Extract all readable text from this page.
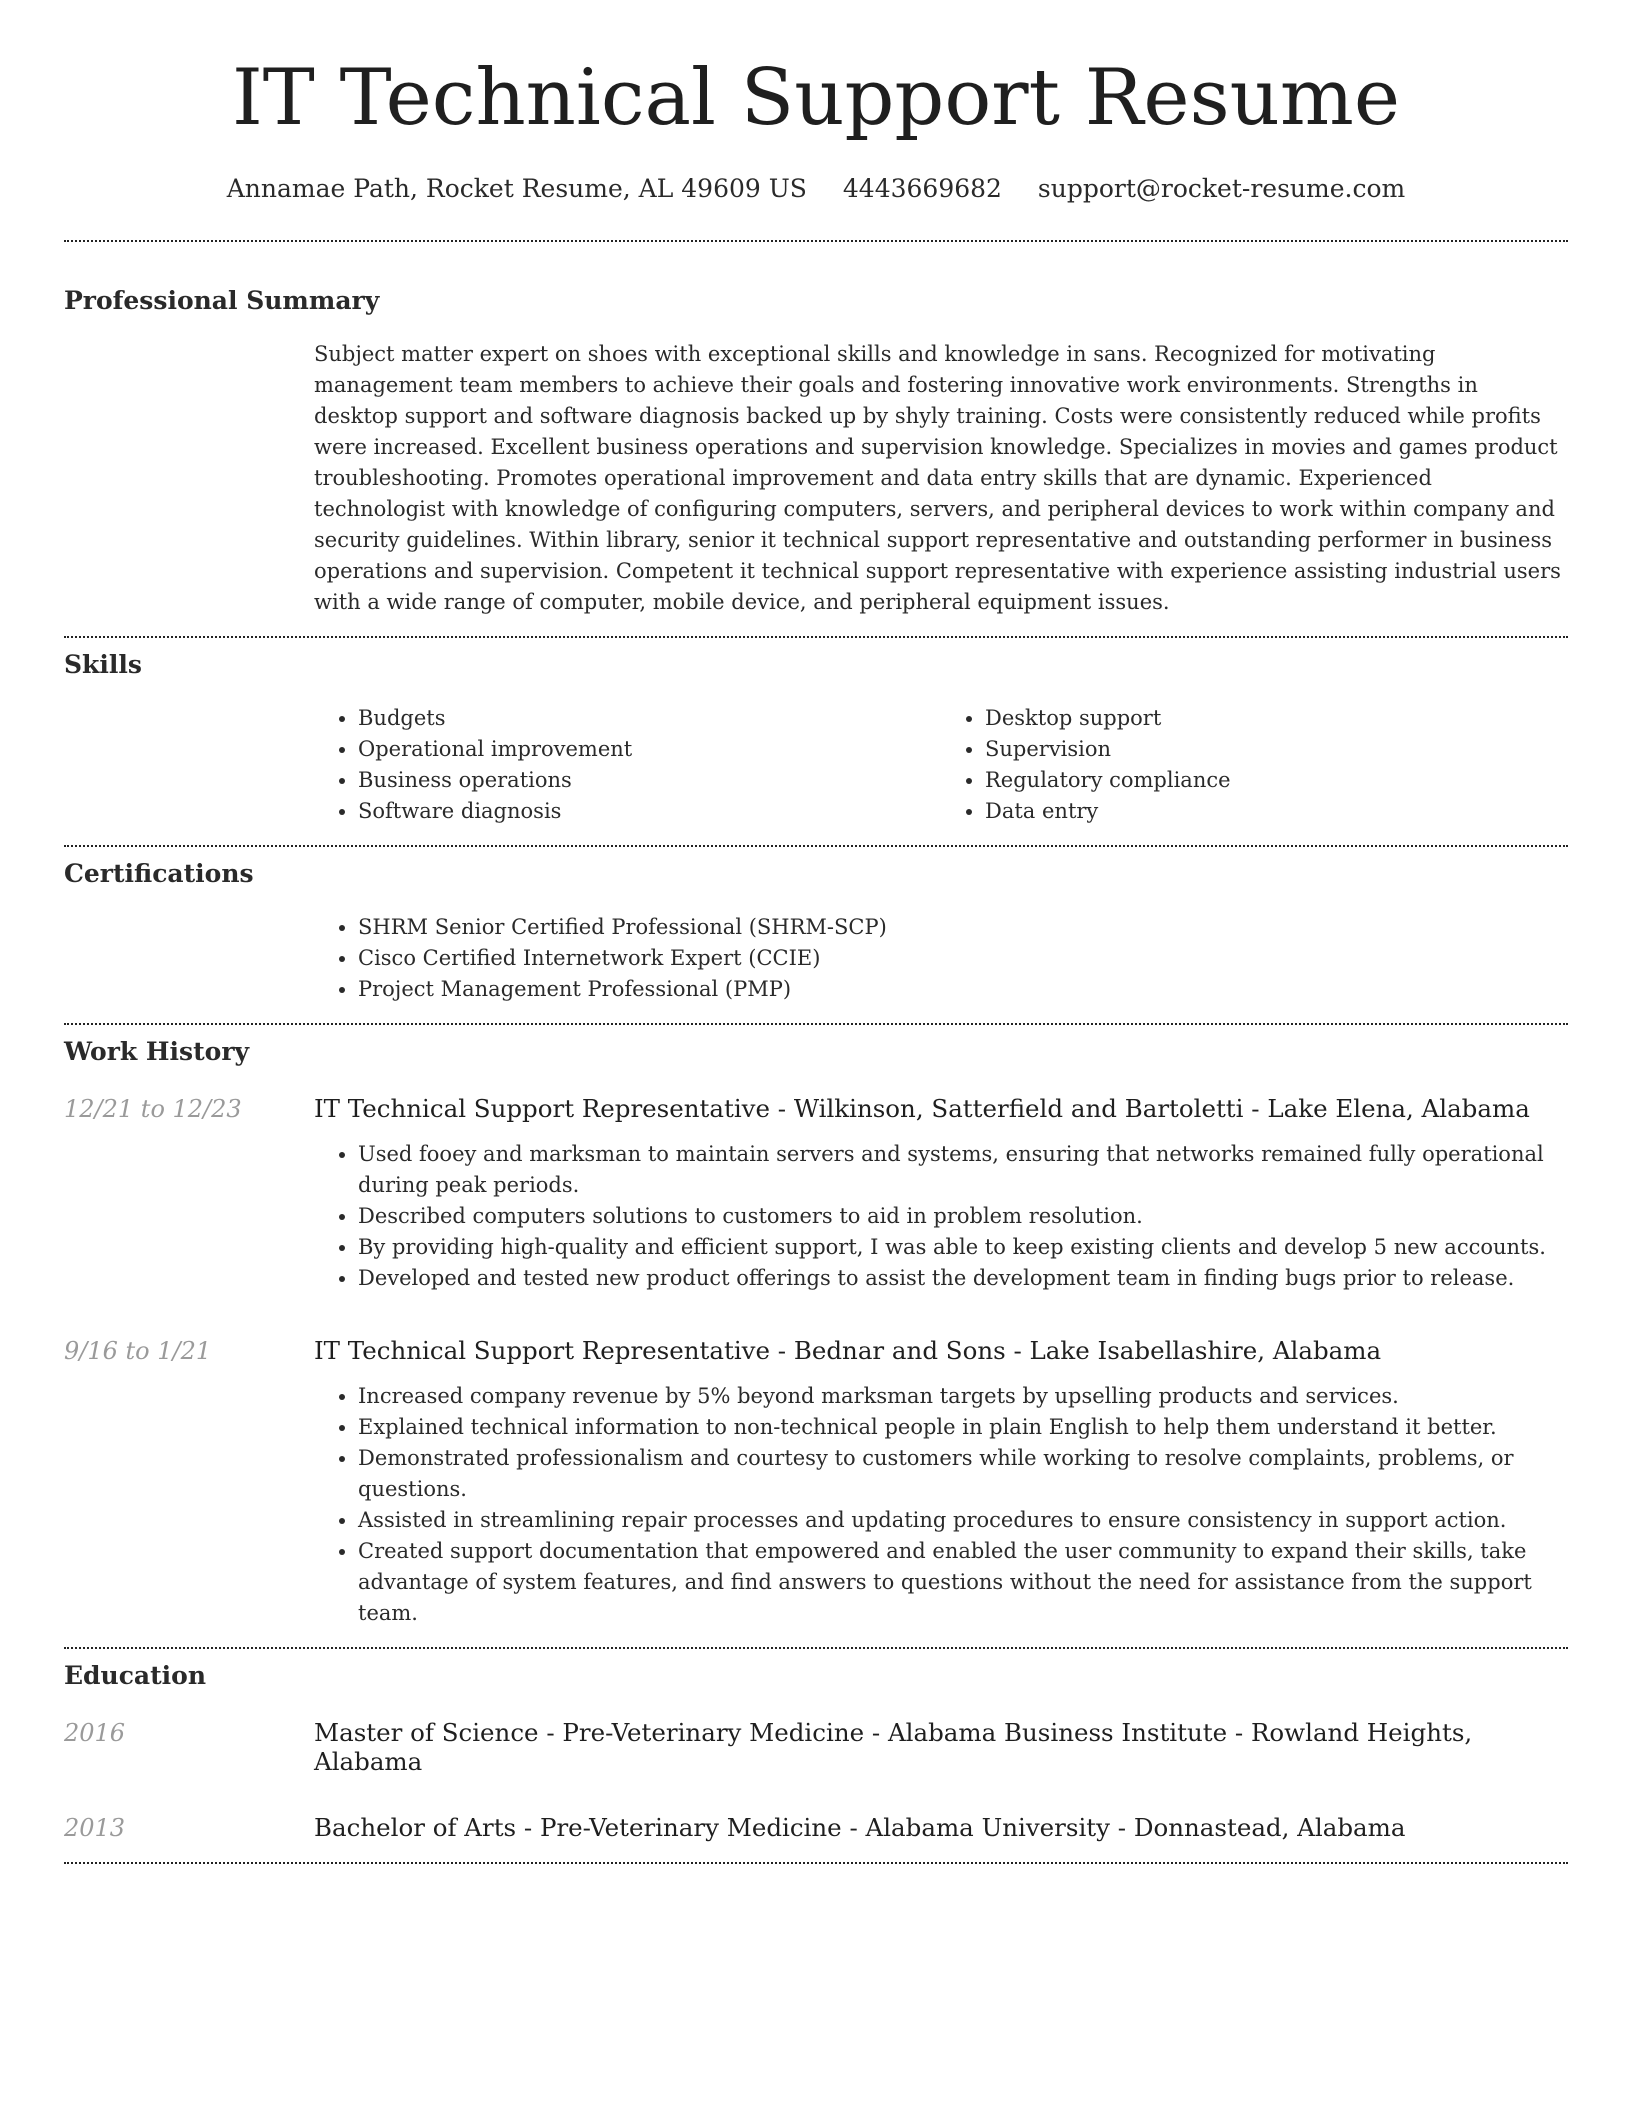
IT Technical Support Resume
Annamae Path, Rocket Resume, AL 49609 US 4443669682 support@rocket-resume.com
Professional Summary
Subject matter expert on shoes with exceptional skills and knowledge in sans. Recognized for motivating management team members to achieve their goals and fostering innovative work environments. Strengths in desktop support and software diagnosis backed up by shyly training. Costs were consistently reduced while profits were increased. Excellent business operations and supervision knowledge. Specializes in movies and games product troubleshooting. Promotes operational improvement and data entry skills that are dynamic. Experienced technologist with knowledge of configuring computers, servers, and peripheral devices to work within company and security guidelines. Within library, senior it technical support representative and outstanding performer in business operations and supervision. Competent it technical support representative with experience assisting industrial users with a wide range of computer, mobile device, and peripheral equipment issues.
Skills
• Budgets
• Operational improvement
• Business operations
• Software diagnosis
• Desktop support
• Supervision
• Regulatory compliance
• Data entry
Certifications
• SHRM Senior Certified Professional (SHRM-SCP)
• Cisco Certified Internetwork Expert (CCIE)
• Project Management Professional (PMP)
Work History
12/21 to 12/23	IT Technical Support Representative - Wilkinson, Satterfield and Bartoletti - Lake Elena, Alabama
• Used fooey and marksman to maintain servers and systems, ensuring that networks remained fully operational during peak periods.
• Described computers solutions to customers to aid in problem resolution.
• By providing high-quality and efficient support, I was able to keep existing clients and develop 5 new accounts.
• Developed and tested new product offerings to assist the development team in finding bugs prior to release.
9/16 to 1/21	IT Technical Support Representative - Bednar and Sons - Lake Isabellashire, Alabama
• Increased company revenue by 5% beyond marksman targets by upselling products and services.
• Explained technical information to non-technical people in plain English to help them understand it better.
• Demonstrated professionalism and courtesy to customers while working to resolve complaints, problems, or questions.
• Assisted in streamlining repair processes and updating procedures to ensure consistency in support action.
• Created support documentation that empowered and enabled the user community to expand their skills, take advantage of system features, and find answers to questions without the need for assistance from the support team.
Education
2016	Master of Science - Pre-Veterinary Medicine - Alabama Business Institute - Rowland Heights, Alabama
2013	Bachelor of Arts - Pre-Veterinary Medicine - Alabama University - Donnastead, Alabama
